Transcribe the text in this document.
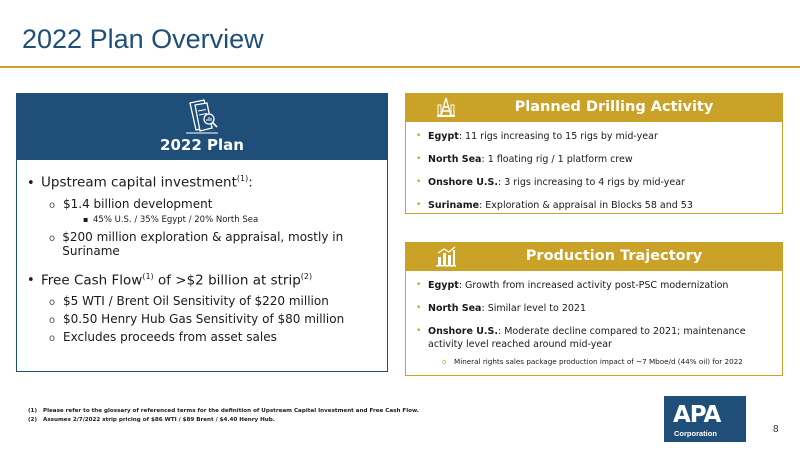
2022 Plan Overview
2022 Plan
• Upstream capital investment$^{(1)}$:
o $1.4 billion development
▪ 45% U.S. / 35% Egypt / 20% North Sea
o $200 million exploration & appraisal, mostly in Suriname
• Free Cash Flow$^{(1)}$ of >$2 billion at strip$^{(2)}$
o $5 WTI / Brent Oil Sensitivity of $220 million
o $0.50 Henry Hub Gas Sensitivity of $80 million
o Excludes proceeds from asset sales
Planned Drilling Activity
• Egypt: 11 rigs increasing to 15 rigs by mid-year
• North Sea: 1 floating rig / 1 platform crew
• Onshore U.S.: 3 rigs increasing to 4 rigs by mid-year
• Suriname: Exploration & appraisal in Blocks 58 and 53
Production Trajectory
• Egypt: Growth from increased activity post-PSC modernization
• North Sea: Similar level to 2021
• Onshore U.S.: Moderate decline compared to 2021; maintenance activity level reached around mid-year
o	Mineral rights sales package production impact of ~7 Mboe/d (44% oil) for 2022
(1)	Please refer to the glossary of referenced terms for the definition of Upstream Capital Investment and Free Cash Flow.
(2)	Assumes 2/7/2022 strip pricing of $86 WTI / $89 Brent / $4.40 Henry Hub.	APA
Corporation	8
